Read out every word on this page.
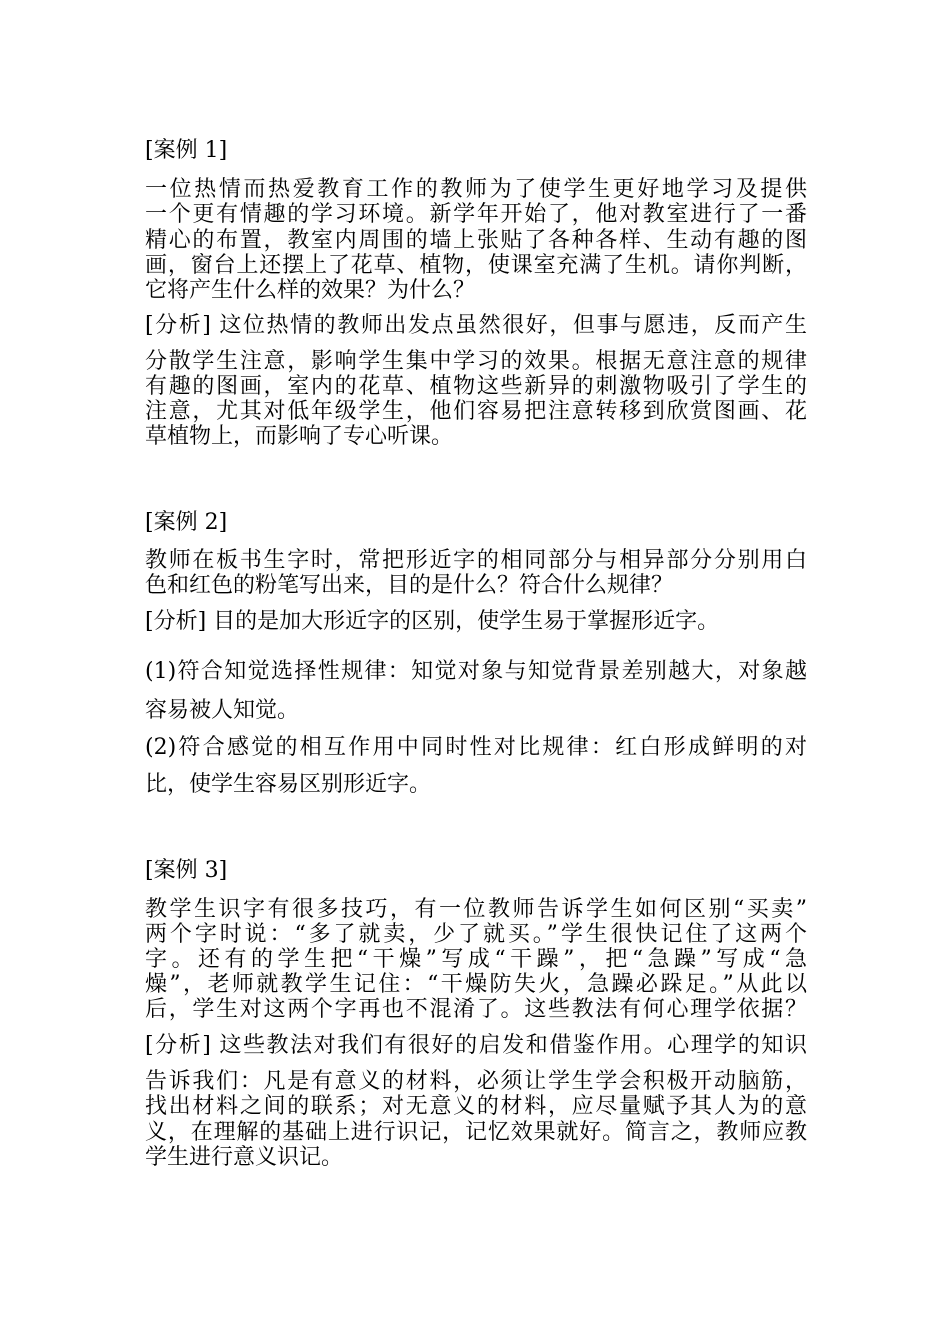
[案例 1]
一位热情而热爱教育工作的教师为了使学生更好地学习及提供
一个更有情趣的学习环境。新学年开始了，他对教室进行了一番
精心的布置，教室内周围的墙上张贴了各种各样、生动有趣的图
画，窗台上还摆上了花草、植物，使课室充满了生机。请你判断，
它将产生什么样的效果？为什么？
[分析] 这位热情的教师出发点虽然很好，但事与愿违，反而产生
分散学生注意，影响学生集中学习的效果。根据无意注意的规律
有趣的图画，室内的花草、植物这些新异的刺激物吸引了学生的
注意，尤其对低年级学生，他们容易把注意转移到欣赏图画、花
草植物上，而影响了专心听课。
[案例 2]
教师在板书生字时，常把形近字的相同部分与相异部分分别用白
色和红色的粉笔写出来，目的是什么？符合什么规律？
[分析] 目的是加大形近字的区别，使学生易于掌握形近字。
(1)符合知觉选择性规律：知觉对象与知觉背景差别越大，对象越
容易被人知觉。
(2)符合感觉的相互作用中同时性对比规律：红白形成鲜明的对
比，使学生容易区别形近字。
[案例 3]
教学生识字有很多技巧，有一位教师告诉学生如何区别“买卖”
两个字时说：“多了就卖，少了就买。”学生很快记住了这两个
字。还有的学生把“干燥”写成“干躁”，把“急躁”写成“急
燥”，老师就教学生记住：“干燥防失火，急躁必跺足。”从此以
后，学生对这两个字再也不混淆了。这些教法有何心理学依据？
[分析] 这些教法对我们有很好的启发和借鉴作用。心理学的知识
告诉我们：凡是有意义的材料，必须让学生学会积极开动脑筋，
找出材料之间的联系；对无意义的材料，应尽量赋予其人为的意
义，在理解的基础上进行识记，记忆效果就好。简言之，教师应教
学生进行意义识记。
